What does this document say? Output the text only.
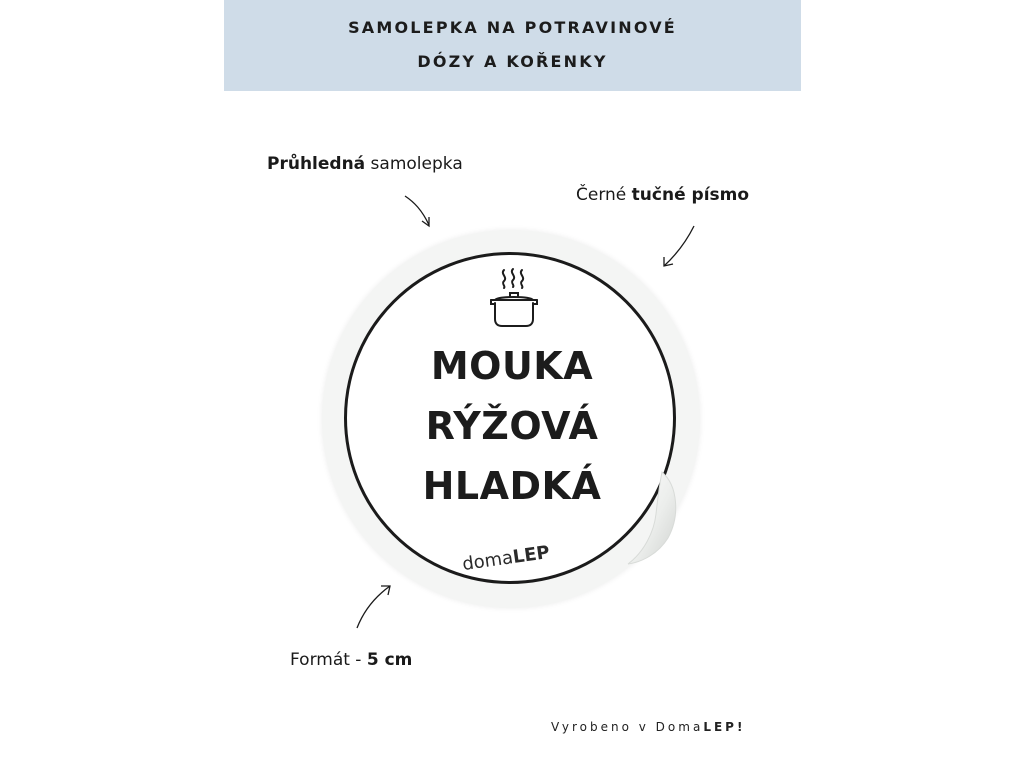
SAMOLEPKA NA POTRAVINOVÉ
DÓZY A KOŘENKY
Průhledná samolepka
Černé tučné písmo
Formát - 5 cm
MOUKA
RÝŽOVÁ
HLADKÁ
domaLEP
Vyrobeno v DomaLEP!
